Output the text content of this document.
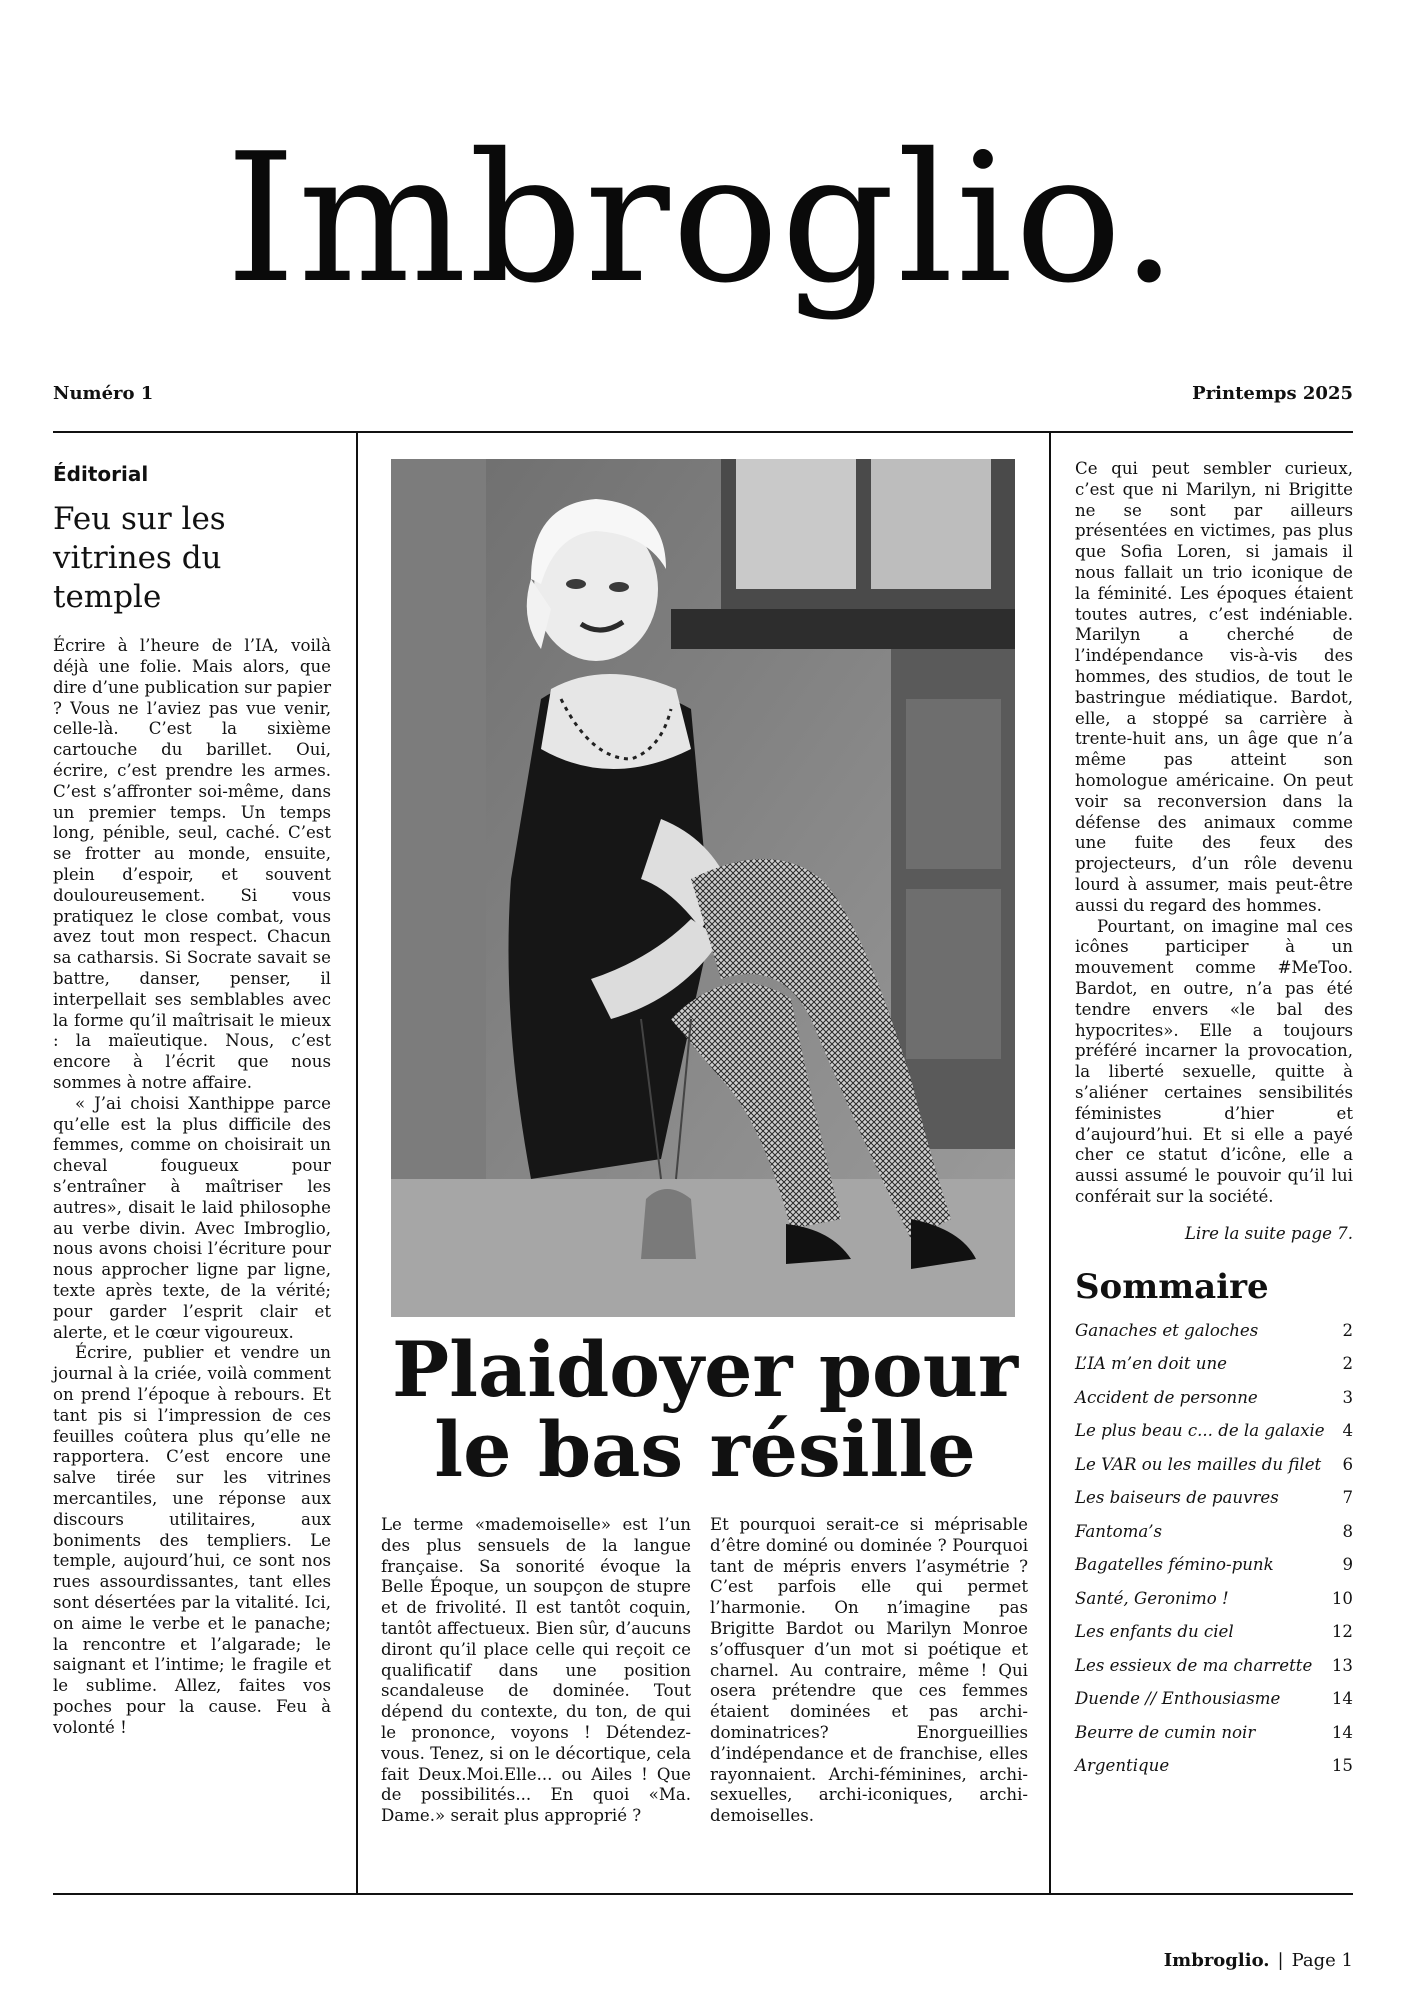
Imbroglio.
Numéro 1	Printemps 2025
Éditorial
Feu sur les vitrines du temple

Écrire à l’heure de l’IA, voilà déjà une folie. Mais alors, que dire d’une publication sur papier ? Vous ne l’aviez pas vue venir, celle-là. C’est la sixième cartouche du barillet. Oui, écrire, c’est prendre les armes. C’est s’affronter soi-même, dans un premier temps. Un temps long, pénible, seul, caché. C’est se frotter au monde, ensuite, plein d’espoir, et souvent douloureusement. Si vous pratiquez le close combat, vous avez tout mon respect. Chacun sa catharsis. Si Socrate savait se battre, danser, penser, il interpellait ses semblables avec la forme qu’il maîtrisait le mieux : la maïeutique. Nous, c’est encore à l’écrit que nous sommes à notre affaire.

« J’ai choisi Xanthippe parce qu’elle est la plus difficile des femmes, comme on choisirait un cheval fougueux pour s’entraîner à maîtriser les autres», disait le laid philosophe au verbe divin. Avec Imbroglio, nous avons choisi l’écriture pour nous approcher ligne par ligne, texte après texte, de la vérité; pour garder l’esprit clair et alerte, et le cœur vigoureux.

Écrire, publier et vendre un journal à la criée, voilà comment on prend l’époque à rebours. Et tant pis si l’impression de ces feuilles coûtera plus qu’elle ne rapportera. C’est encore une salve tirée sur les vitrines mercantiles, une réponse aux discours utilitaires, aux boniments des templiers. Le temple, aujourd’hui, ce sont nos rues assourdissantes, tant elles sont désertées par la vitalité. Ici, on aime le verbe et le panache; la rencontre et l’algarade; le saignant et l’intime; le fragile et le sublime. Allez, faites vos poches pour la cause. Feu à volonté !

Plaidoyer pour le bas résille

Le terme «mademoiselle» est l’un des plus sensuels de la langue française. Sa sonorité évoque la Belle Époque, un soupçon de stupre et de frivolité. Il est tantôt coquin, tantôt affectueux. Bien sûr, d’aucuns diront qu’il place celle qui reçoit ce qualificatif dans une position scandaleuse de dominée. Tout dépend du contexte, du ton, de qui le prononce, voyons ! Détendez-vous. Tenez, si on le décortique, cela fait Deux.Moi.Elle... ou Ailes ! Que de possibilités... En quoi «Ma. Dame.» serait plus approprié ?

Et pourquoi serait-ce si méprisable d’être dominé ou dominée ? Pourquoi tant de mépris envers l’asymétrie ? C’est parfois elle qui permet l’harmonie. On n’imagine pas Brigitte Bardot ou Marilyn Monroe s’offusquer d’un mot si poétique et charnel. Au contraire, même ! Qui osera prétendre que ces femmes étaient dominées et pas archi-dominatrices? Enorgueillies d’indépendance et de franchise, elles rayonnaient. Archi-féminines, archi-sexuelles, archi-iconiques, archi-demoiselles.

Ce qui peut sembler curieux, c’est que ni Marilyn, ni Brigitte ne se sont par ailleurs présentées en victimes, pas plus que Sofia Loren, si jamais il nous fallait un trio iconique de la féminité. Les époques étaient toutes autres, c’est indéniable. Marilyn a cherché de l’indépendance vis-à-vis des hommes, des studios, de tout le bastringue médiatique. Bardot, elle, a stoppé sa carrière à trente-huit ans, un âge que n’a même pas atteint son homologue américaine. On peut voir sa reconversion dans la défense des animaux comme une fuite des feux des projecteurs, d’un rôle devenu lourd à assumer, mais peut-être aussi du regard des hommes.

Pourtant, on imagine mal ces icônes participer à un mouvement comme #MeToo. Bardot, en outre, n’a pas été tendre envers «le bal des hypocrites». Elle a toujours préféré incarner la provocation, la liberté sexuelle, quitte à s’aliéner certaines sensibilités féministes d’hier et d’aujourd’hui. Et si elle a payé cher ce statut d’icône, elle a aussi assumé le pouvoir qu’il lui conférait sur la société.

Lire la suite page 7.
Sommaire
Ganaches et galoches	2
L’IA m’en doit une	2
Accident de personne	3
Le plus beau c... de la galaxie 4
Le VAR ou les mailles du filet 6
Les baiseurs de pauvres	7
Fantoma’s	8
Bagatelles fémino-punk	9
Santé, Geronimo !	10
Les enfants du ciel	12
Les essieux de ma charrette 13
Duende // Enthousiasme	14
Beurre de cumin noir	14
Argentique	15
Imbroglio. | Page 1
